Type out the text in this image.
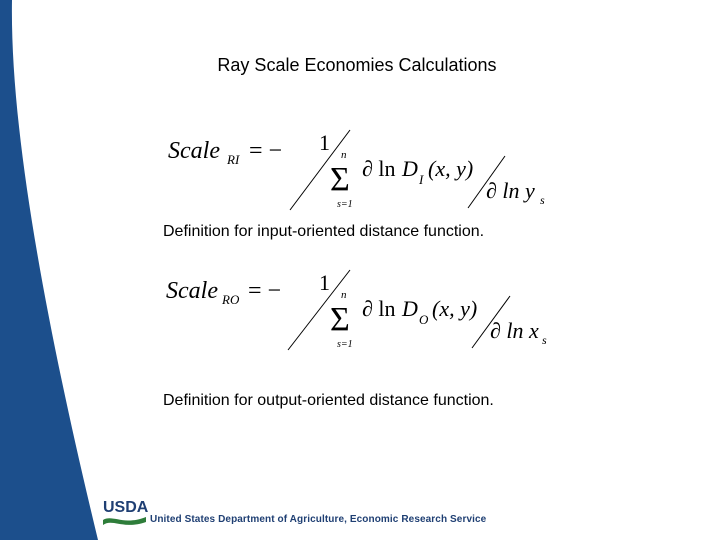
Ray Scale Economies Calculations
Scale RI = − 1 n
Σ
s=1
∂ ln D I (x, y)
∂ ln y s
Definition for input-oriented distance function.
Scale RO = − 1 n
Σ
s=1
∂ ln D O (x, y)
∂ ln x s
Definition for output-oriented distance function.
USDA
United States Department of Agriculture, Economic Research Service
